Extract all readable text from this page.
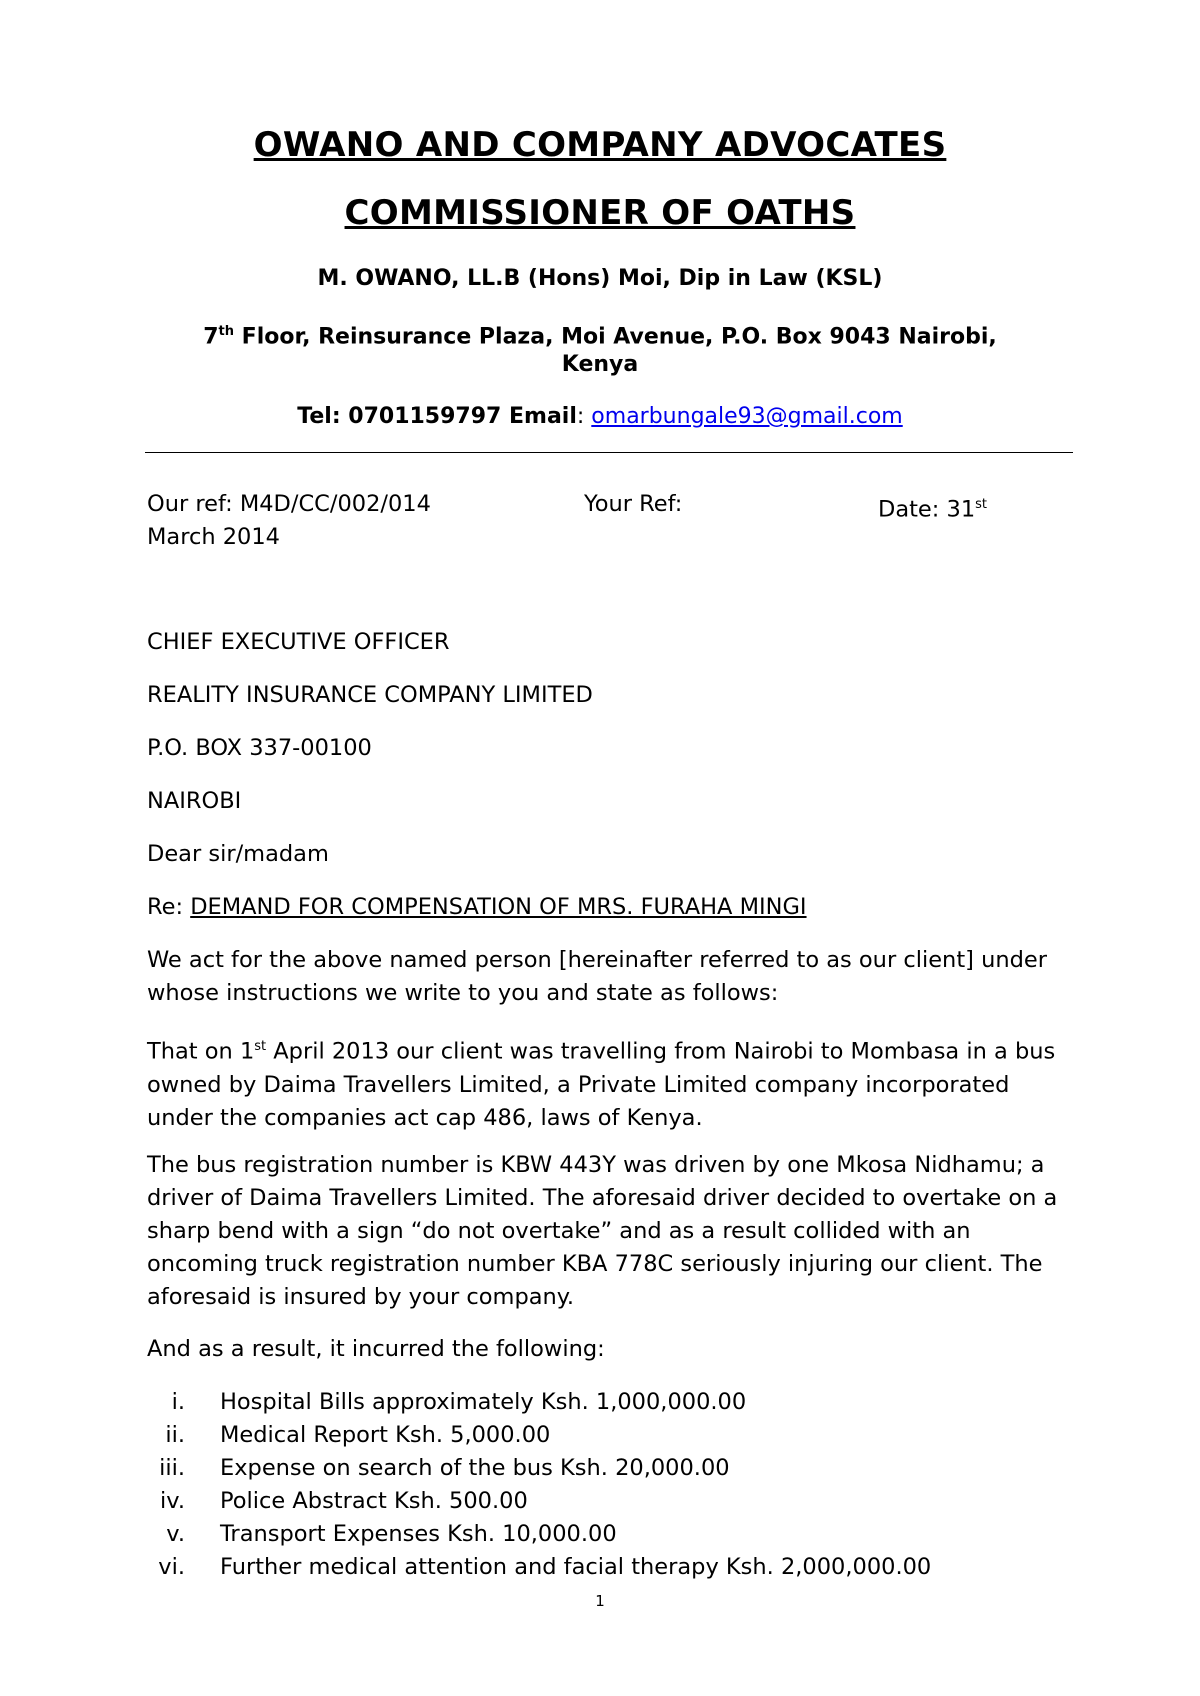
OWANO AND COMPANY ADVOCATES
COMMISSIONER OF OATHS
M. OWANO, LL.B (Hons) Moi, Dip in Law (KSL)
7th Floor, Reinsurance Plaza, Moi Avenue, P.O. Box 9043 Nairobi,
Kenya
Tel: 0701159797 Email: omarbungale93@gmail.com
Our ref: M4D/CC/002/014	Your Ref:	Date: 31st
March 2014
CHIEF EXECUTIVE OFFICER
REALITY INSURANCE COMPANY LIMITED
P.O. BOX 337-00100
NAIROBI
Dear sir/madam
Re: DEMAND FOR COMPENSATION OF MRS. FURAHA MINGI
We act for the above named person [hereinafter referred to as our client] under whose instructions we write to you and state as follows:
That on 1st April 2013 our client was travelling from Nairobi to Mombasa in a bus owned by Daima Travellers Limited, a Private Limited company incorporated under the companies act cap 486, laws of Kenya.
The bus registration number is KBW 443Y was driven by one Mkosa Nidhamu; a driver of Daima Travellers Limited. The aforesaid driver decided to overtake on a sharp bend with a sign “do not overtake” and as a result collided with an oncoming truck registration number KBA 778C seriously injuring our client. The aforesaid is insured by your company.
And as a result, it incurred the following:
i. Hospital Bills approximately Ksh. 1,000,000.00
ii. Medical Report Ksh. 5,000.00
iii. Expense on search of the bus Ksh. 20,000.00
iv. Police Abstract Ksh. 500.00
v. Transport Expenses Ksh. 10,000.00
vi. Further medical attention and facial therapy Ksh. 2,000,000.00
1
